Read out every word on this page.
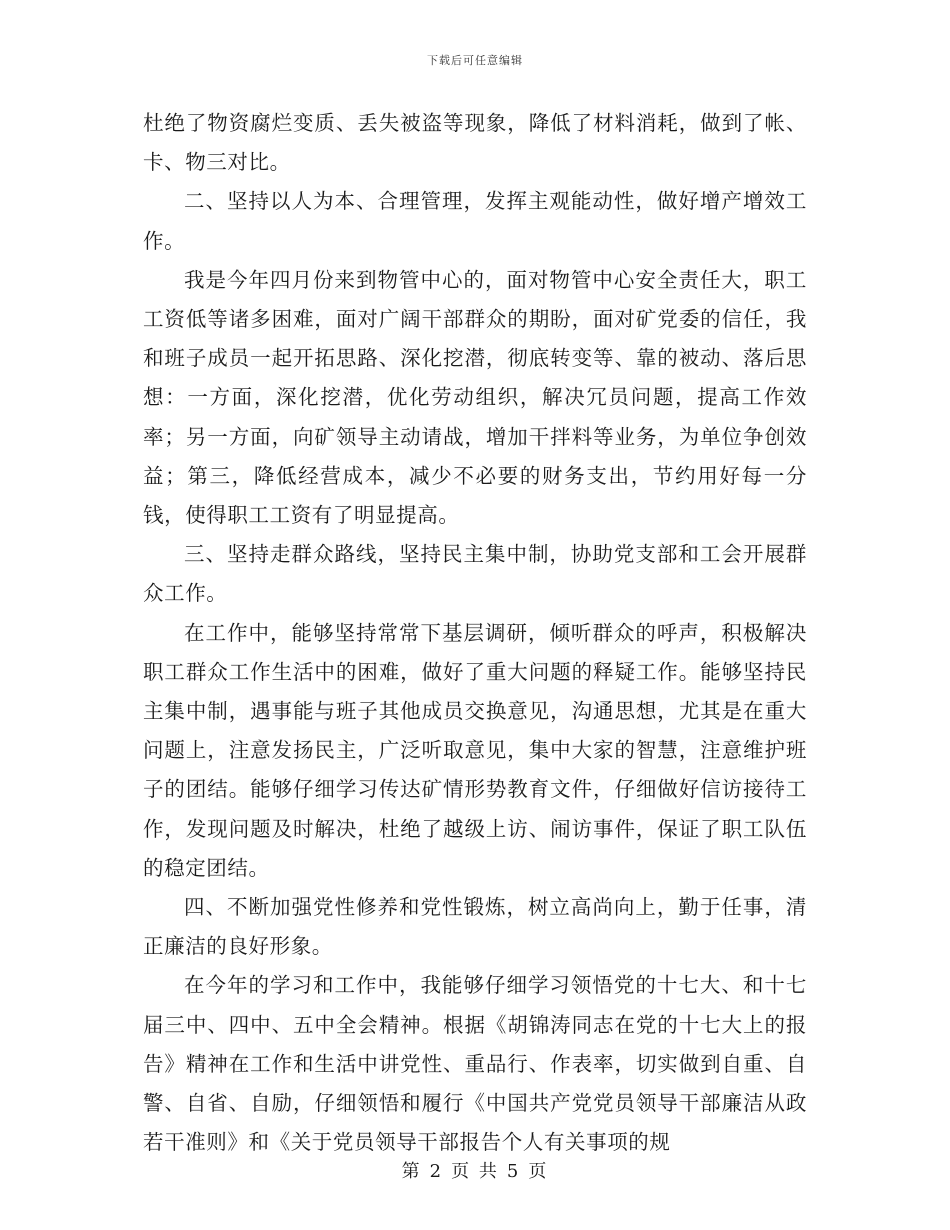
下载后可任意编辑

杜绝了物资腐烂变质、丢失被盗等现象，降低了材料消耗，做到了帐、卡、物三对比。

二、坚持以人为本、合理管理，发挥主观能动性，做好增产增效工作。

我是今年四月份来到物管中心的，面对物管中心安全责任大，职工工资低等诸多困难，面对广阔干部群众的期盼，面对矿党委的信任，我和班子成员一起开拓思路、深化挖潜，彻底转变等、靠的被动、落后思想：一方面，深化挖潜，优化劳动组织，解决冗员问题，提高工作效率；另一方面，向矿领导主动请战，增加干拌料等业务，为单位争创效益；第三，降低经营成本，减少不必要的财务支出，节约用好每一分钱，使得职工工资有了明显提高。

三、坚持走群众路线，坚持民主集中制，协助党支部和工会开展群众工作。

在工作中，能够坚持常常下基层调研，倾听群众的呼声，积极解决职工群众工作生活中的困难，做好了重大问题的释疑工作。能够坚持民主集中制，遇事能与班子其他成员交换意见，沟通思想，尤其是在重大问题上，注意发扬民主，广泛听取意见，集中大家的智慧，注意维护班子的团结。能够仔细学习传达矿情形势教育文件，仔细做好信访接待工作，发现问题及时解决，杜绝了越级上访、闹访事件，保证了职工队伍的稳定团结。

四、不断加强党性修养和党性锻炼，树立高尚向上，勤于任事，清正廉洁的良好形象。

在今年的学习和工作中，我能够仔细学习领悟党的十七大、和十七届三中、四中、五中全会精神。根据《胡锦涛同志在党的十七大上的报告》精神在工作和生活中讲党性、重品行、作表率，切实做到自重、自警、自省、自励，仔细领悟和履行《中国共产党党员领导干部廉洁从政若干准则》和《关于党员领导干部报告个人有关事项的规

第 2 页 共 5 页
